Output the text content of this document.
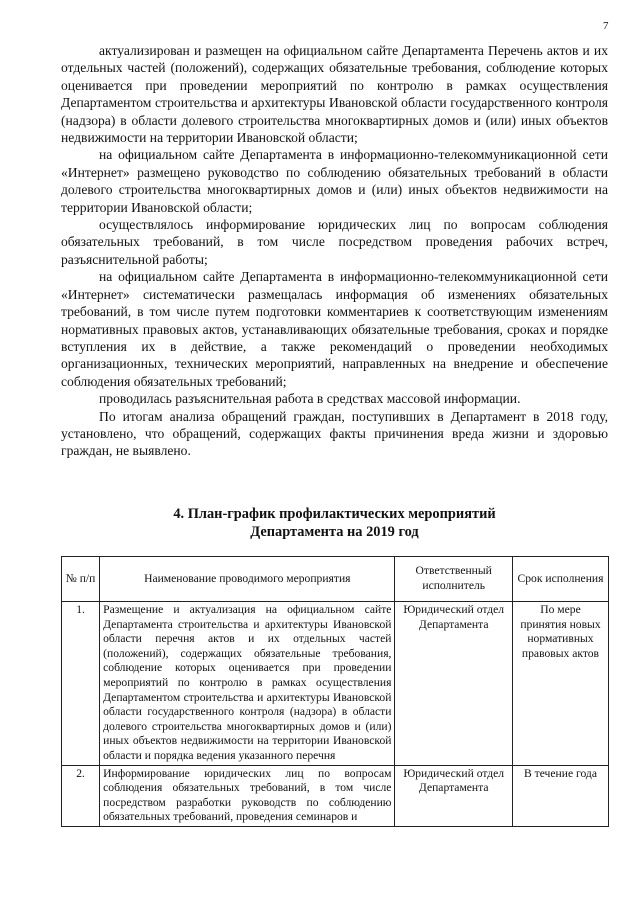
7

актуализирован и размещен на официальном сайте Департамента Перечень актов и их отдельных частей (положений), содержащих обязательные требования, соблюдение которых оценивается при проведении мероприятий по контролю в рамках осуществления Департаментом строительства и архитектуры Ивановской области государственного контроля (надзора) в области долевого строительства многоквартирных домов и (или) иных объектов недвижимости на территории Ивановской области;

на официальном сайте Департамента в информационно-телекоммуникационной сети «Интернет» размещено руководство по соблюдению обязательных требований в области долевого строительства многоквартирных домов и (или) иных объектов недвижимости на территории Ивановской области;

осуществлялось информирование юридических лиц по вопросам соблюдения обязательных требований, в том числе посредством проведения рабочих встреч, разъяснительной работы;

на официальном сайте Департамента в информационно-телекоммуникационной сети «Интернет» систематически размещалась информация об изменениях обязательных требований, в том числе путем подготовки комментариев к соответствующим изменениям нормативных правовых актов, устанавливающих обязательные требования, сроках и порядке вступления их в действие, а также рекомендаций о проведении необходимых организационных, технических мероприятий, направленных на внедрение и обеспечение соблюдения обязательных требований;

проводилась разъяснительная работа в средствах массовой информации.

По итогам анализа обращений граждан, поступивших в Департамент в 2018 году, установлено, что обращений, содержащих факты причинения вреда жизни и здоровью граждан, не выявлено.

4. План-график профилактических мероприятий
Департамента на 2019 год
№ п/п	Наименование проводимого мероприятия	Ответственный исполнитель	Срок исполнения
1.	Размещение и актуализация на официальном сайте Департамента строительства и архитектуры Ивановской области перечня актов и их отдельных частей (положений), содержащих обязательные требования, соблюдение которых оценивается при проведении мероприятий по контролю в рамках осуществления Департаментом строительства и архитектуры Ивановской области государственного контроля (надзора) в области долевого строительства многоквартирных домов и (или) иных объектов недвижимости на территории Ивановской области и порядка ведения указанного перечня	Юридический отдел Департамента	По мере принятия новых нормативных правовых актов
2.	Информирование юридических лиц по вопросам соблюдения обязательных требований, в том числе посредством разработки руководств по соблюдению обязательных требований, проведения семинаров и	Юридический отдел Департамента	В течение года
